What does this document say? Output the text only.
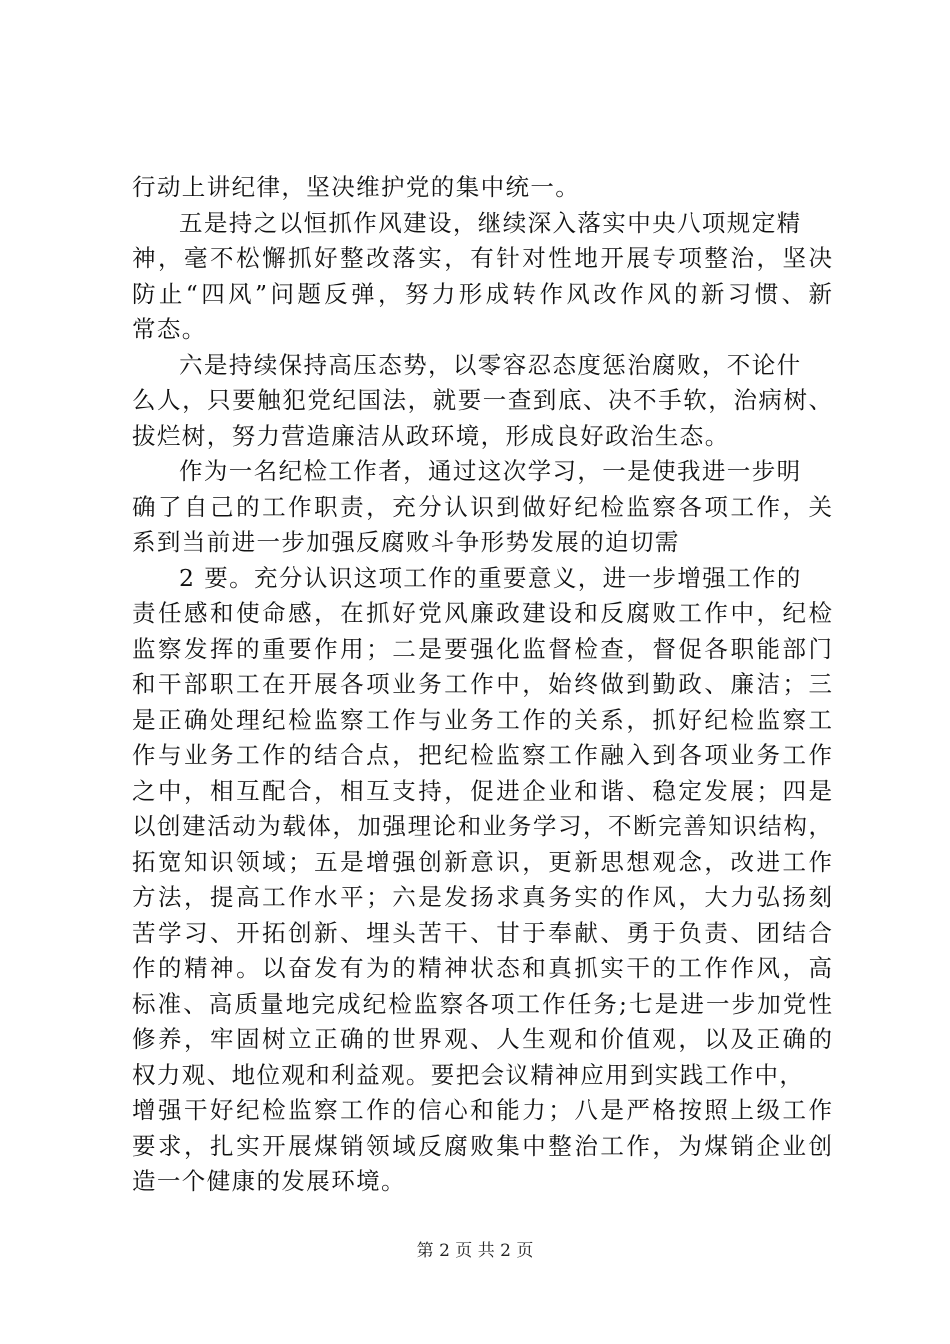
行动上讲纪律，坚决维护党的集中统一。
五是持之以恒抓作风建设，继续深入落实中央八项规定精
神，毫不松懈抓好整改落实，有针对性地开展专项整治，坚决
防止“四风”问题反弹，努力形成转作风改作风的新习惯、新
常态。
六是持续保持高压态势，以零容忍态度惩治腐败，不论什
么人，只要触犯党纪国法，就要一查到底、决不手软，治病树、
拔烂树，努力营造廉洁从政环境，形成良好政治生态。
作为一名纪检工作者，通过这次学习，一是使我进一步明
确了自己的工作职责，充分认识到做好纪检监察各项工作，关
系到当前进一步加强反腐败斗争形势发展的迫切需
2 要。充分认识这项工作的重要意义，进一步增强工作的
责任感和使命感，在抓好党风廉政建设和反腐败工作中，纪检
监察发挥的重要作用；二是要强化监督检查，督促各职能部门
和干部职工在开展各项业务工作中，始终做到勤政、廉洁；三
是正确处理纪检监察工作与业务工作的关系，抓好纪检监察工
作与业务工作的结合点，把纪检监察工作融入到各项业务工作
之中，相互配合，相互支持，促进企业和谐、稳定发展；四是
以创建活动为载体，加强理论和业务学习，不断完善知识结构，
拓宽知识领域；五是增强创新意识，更新思想观念，改进工作
方法，提高工作水平；六是发扬求真务实的作风，大力弘扬刻
苦学习、开拓创新、埋头苦干、甘于奉献、勇于负责、团结合
作的精神。以奋发有为的精神状态和真抓实干的工作作风，高
标准、高质量地完成纪检监察各项工作任务;七是进一步加党性
修养，牢固树立正确的世界观、人生观和价值观，以及正确的
权力观、地位观和利益观。要把会议精神应用到实践工作中，
增强干好纪检监察工作的信心和能力；八是严格按照上级工作
要求，扎实开展煤销领域反腐败集中整治工作，为煤销企业创
造一个健康的发展环境。
第 2 页 共 2 页
